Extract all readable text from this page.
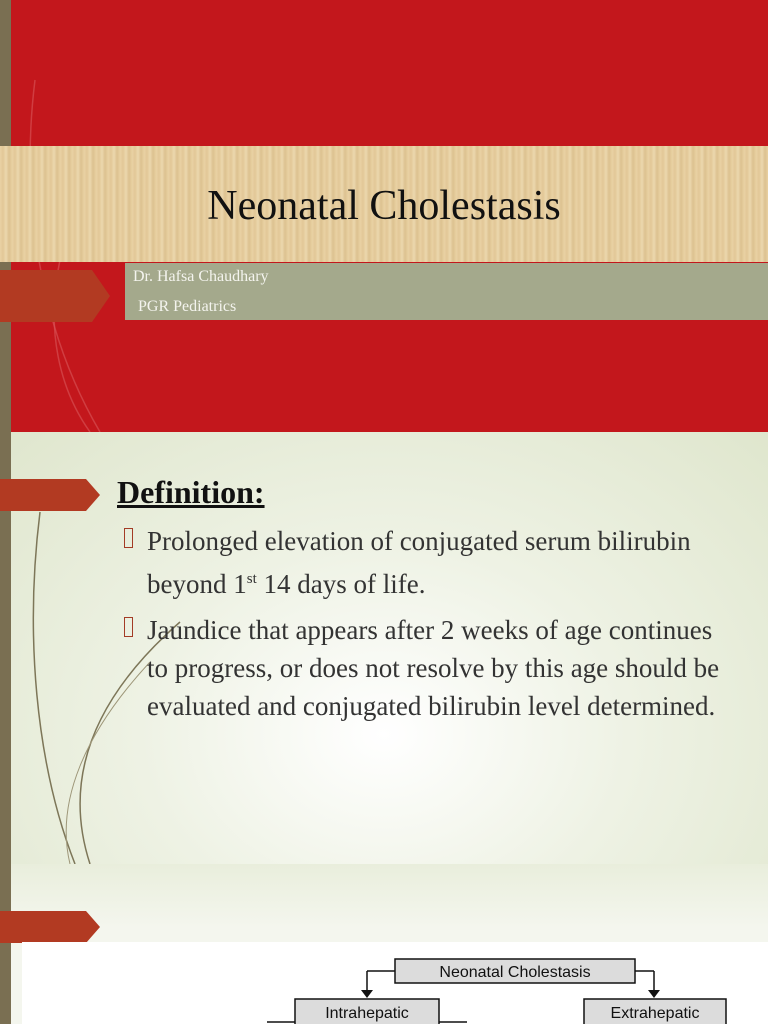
Neonatal Cholestasis
Dr. Hafsa Chaudhary
PGR Pediatrics
Definition:
Prolonged elevation of conjugated serum bilirubin beyond 1st 14 days of life.
Jaundice that appears after 2 weeks of age continues to progress, or does not resolve by this age should be evaluated and conjugated bilirubin level determined.
Neonatal Cholestasis
Intrahepatic	Extrahepatic
